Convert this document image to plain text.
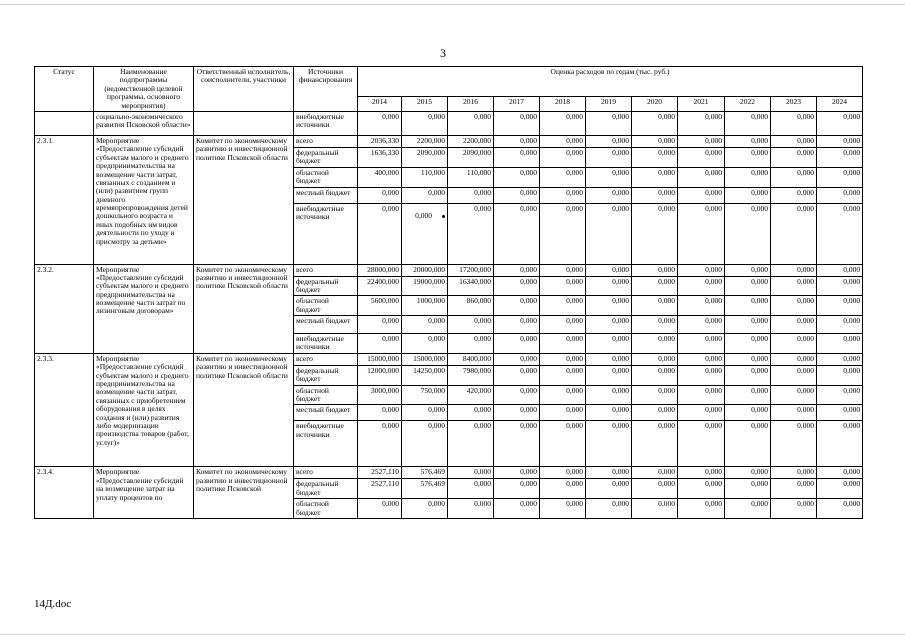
3
Статус	Наименование подпрограммы (ведомственной целевой программы, основного мероприятия)	Ответственный исполнитель, соисполнители, участники	Источники финансирования	Оценка расходов по годам (тыс. руб.)										
				2014	2015	2016	2017	2018	2019	2020	2021	2022	2023	2024
	социально-экономического развития Псковской области»		внебюджетные источники	0,000	0,000	0,000	0,000	0,000	0,000	0,000	0,000	0,000	0,000	0,000
2.3.1.	Мероприятие «Предоставление субсидий субъектам малого и среднего предпринимательства на возмещение части затрат, связанных с созданием и (или) развитием групп дневного времяпрепровождения детей дошкольного возраста и иных подобных им видов деятельности по уходу и присмотру за детьми»	Комитет по экономическому развитию и инвестиционной политике Псковской области	всего	2036,330	2200,000	2200,000	0,000	0,000	0,000	0,000	0,000	0,000	0,000	0,000
			федеральный бюджет	1636,330	2090,000	2090,000	0,000	0,000	0,000	0,000	0,000	0,000	0,000	0,000
			областной бюджет	400,000	110,000	110,000	0,000	0,000	0,000	0,000	0,000	0,000	0,000	0,000
			местный бюджет	0,000	0,000	0,000	0,000	0,000	0,000	0,000	0,000	0,000	0,000	0,000
			внебюджетные источники	0,000	0,000	0,000	0,000	0,000	0,000	0,000	0,000	0,000	0,000	0,000
2.3.2.	Мероприятие «Предоставление субсидий субъектам малого и среднего предпринимательства на возмещение части затрат по лизинговым договорам»	Комитет по экономическому развитию и инвестиционной политике Псковской области	всего	28000,000	20000,000	17200,000	0,000	0,000	0,000	0,000	0,000	0,000	0,000	0,000
			федеральный бюджет	22400,000	19000,000	16340,000	0,000	0,000	0,000	0,000	0,000	0,000	0,000	0,000
			областной бюджет	5600,000	1000,000	860,000	0,000	0,000	0,000	0,000	0,000	0,000	0,000	0,000
			местный бюджет	0,000	0,000	0,000	0,000	0,000	0,000	0,000	0,000	0,000	0,000	0,000
			внебюджетные источники	0,000	0,000	0,000	0,000	0,000	0,000	0,000	0,000	0,000	0,000	0,000
2.3.3.	Мероприятие «Предоставление субсидий субъектам малого и среднего предпринимательства на возмещение части затрат, связанных с приобретением оборудования в целях создания и (или) развития либо модернизации производства товаров (работ, услуг)»	Комитет по экономическому развитию и инвестиционной политике Псковской области	всего	15000,000	15000,000	8400,000	0,000	0,000	0,000	0,000	0,000	0,000	0,000	0,000
			федеральный бюджет	12000,000	14250,000	7980,000	0,000	0,000	0,000	0,000	0,000	0,000	0,000	0,000
			областной бюджет	3000,000	750,000	420,000	0,000	0,000	0,000	0,000	0,000	0,000	0,000	0,000
			местный бюджет	0,000	0,000	0,000	0,000	0,000	0,000	0,000	0,000	0,000	0,000	0,000
			внебюджетные источники	0,000	0,000	0,000	0,000	0,000	0,000	0,000	0,000	0,000	0,000	0,000
2.3.4.	Мероприятие «Предоставление субсидий на возмещение затрат на уплату процентов по	Комитет по экономическому развитию и инвестиционной политике Псковской	всего	2527,110	576,469	0,000	0,000	0,000	0,000	0,000	0,000	0,000	0,000	0,000
			федеральный бюджет	2527,110	576,469	0,000	0,000	0,000	0,000	0,000	0,000	0,000	0,000	0,000
			областной бюджет	0,000	0,000	0,000	0,000	0,000	0,000	0,000	0,000	0,000	0,000	0,000
14Д.doc
